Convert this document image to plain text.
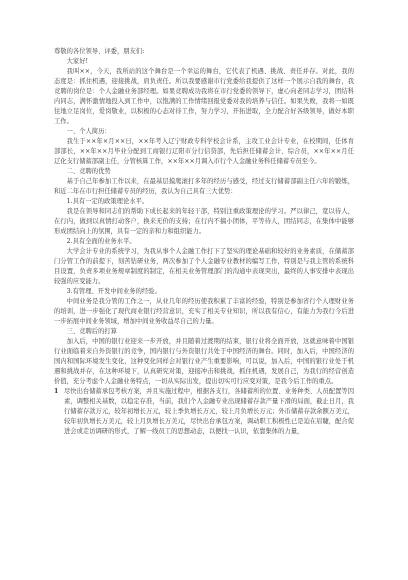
尊敬的各位领导、评委，朋友们:

大家好!

我叫××，今天，我所站的这个舞台是一个幸运的舞台，它代表了机遇、挑战、责任并存。对此，我的态度是：抓住机遇，迎接挑战，肩负责任。所以我要感谢市行党委给我提供了这样一个展示自我的舞台，我竞聘的岗位是：个人金融业务部经理。如果竞聘成功我将在市行党委的领导下，虚心向老同志学习，团结科内同志，满怀激情地投入到工作中，以饱满的工作情绪回报党委对我的培养与信任。如果失败，我将一如既往地立足岗位，爱岗敬业，以积极的心态对待工作，努力学习，开拓进取，全力配合好各级领导，做好本职工作。

一、个人简历：

我生于××年×月××日，××年考入辽宁财政专科学校会计系，主攻工业会计专业，在校期间，任体育部部长，××年××月毕业分配到工商银行辽阳市分行信贷部，先后担任储蓄会计、综合员，××年××月任辽化支行储蓄部副主任，分管核算工作，××年××月调入市行个人金融业务科任储蓄专员至今。

二、竞聘的优势

基于自己年参加工作以来，在最基层摸爬滚打多年的经历与感受，经过支行储蓄部副主任六年的锻炼，和近二年在市行担任储蓄专员的经历，我认为自己具有三大优势：

1.具有一定的政策理论水平。

我是在领导和同志们的帮助下成长起来的年轻干部，特别注重政策理论的学习。严以律己，宽以待人，在行内，做到以真情打动客户，换来无价的支持；在行内不搞小团体，平等待人，团结同志，在集体中能够形成团结向上的氛围，具有一定的亲和力和组织能力。

2.具有全面的业务水平。

大学会计专业的系统学习，为我从事个人金融工作打下了坚实的理论基础和较好的业务素质，在储蓄部门分管工作的前提下，刻苦钻研业务，两次参加了个人金融专业教材的编写工作，特别是与我主管的系统科目设置，负责多项业务规章制度的制定，在相关业务管理部门的沟通中表现突出，最终的人事安排中表现出较强的应变能力。

3.有管理、开发中间业务的经验。

中间业务是我分管的工作之一，从业几年的经历使我积累了丰富的经验，特别是参加省行个人理财业务的培训，进一步强化了现代商业银行经营意识，充实了相关专业知识，所以我有信心，有能力为我行今后进一步拓展中间业务领域，增加中间业务收益尽自己的力量。

三、竞聘后的打算

加入后，中国的银行业迎来一步开放，并且随着过渡期的结束，银行业将全面开放，这就意味着中国银行业面临着来自外资银行的竞争，国内银行与外资银行共处于中国经济的舞台。同时，加入后，中国经济的国内和国际环境发生变化，这种变化同样会对银行业产生重要影响，可以说，加入后，中国的银行业处于机遇和挑战并存，在这种环境下，认真研究对策，迎接冲击和挑战，抓住机遇，发展自己，为我行的经营创造价值，充分考虑个人金融业务特点，一切从实际出发，提出切实可行应变对策，是我今后工作的重点。

1 尽快出台储蓄承包考核方案，并且实施过程中，根据各支行，各储蓄所的位置、业务种类、人员配置等因素，调整相关基数，以稳定存准，当前，我们个人金融专业出现储蓄存款产量下滑的局面，截止日月，我行储蓄存款万元，较年初增长万元，较上季负增长万元，较上月负增长万元；外币储蓄存款余额万美元，较年初负增长万美元，较上月负增长万美元，尽快出台承包方案，调动职工积极性已是迫在眉睫，配合促进会或走访调研的形式，了解一线员工的思想动态，以便找一认识，依靠集体的力量，
